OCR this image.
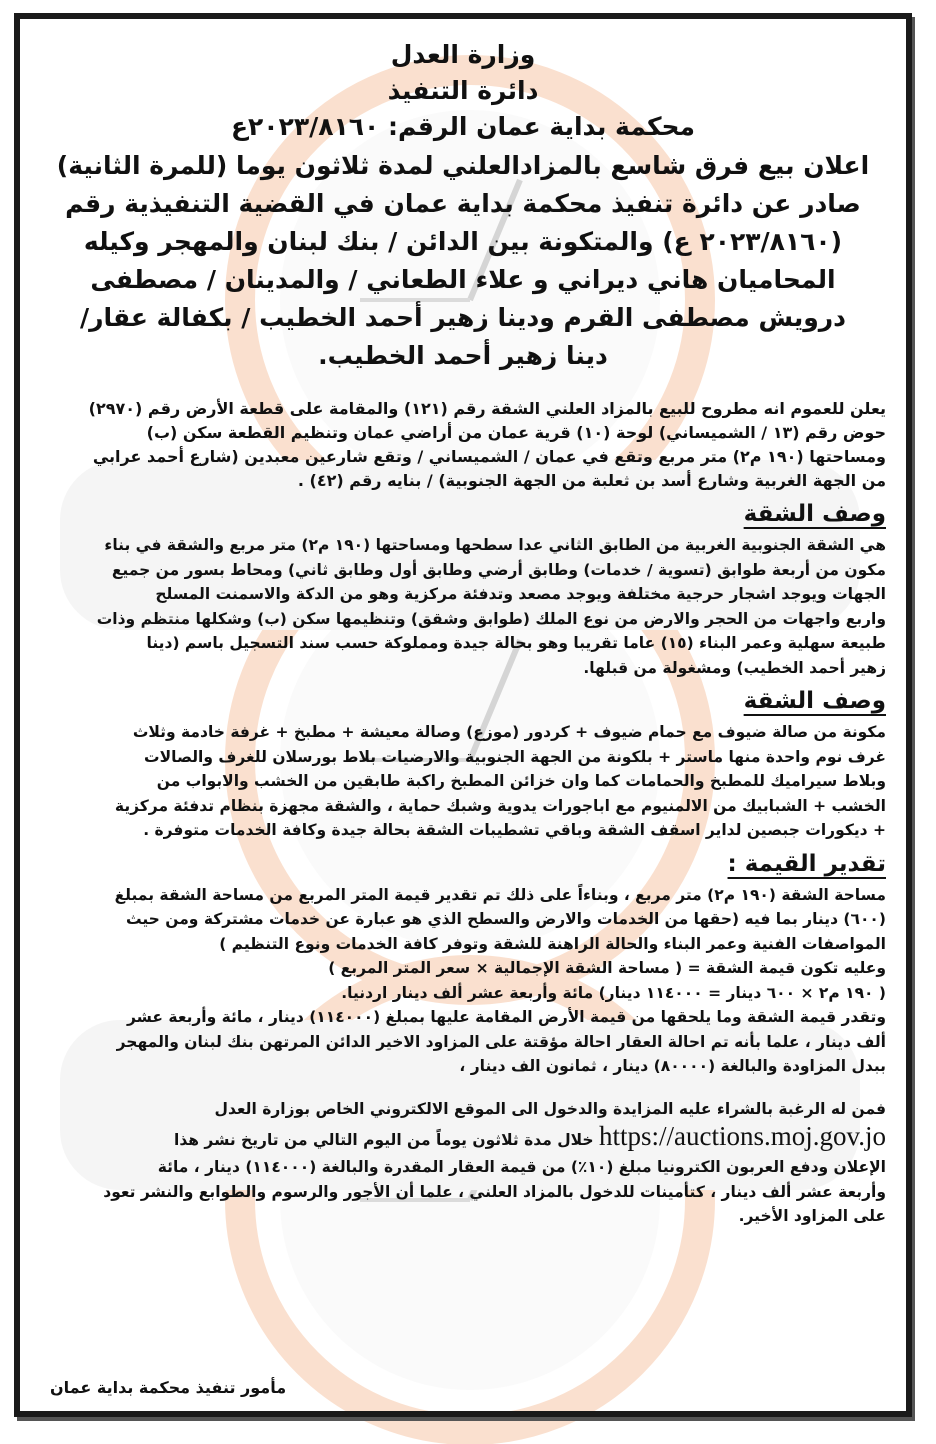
وزارة العدل
دائرة التنفيذ
محكمة بداية عمان الرقم: ٢٠٢٣/٨١٦٠ع
اعلان بيع فرق شاسع بالمزادالعلني لمدة ثلاثون يوما (للمرة الثانية)
صادر عن دائرة تنفيذ محكمة بداية عمان في القضية التنفيذية رقم
(٢٠٢٣/٨١٦٠ ع) والمتكونة بين الدائن / بنك لبنان والمهجر وكيله
المحاميان هاني ديراني و علاء الطعاني / والمدينان / مصطفى
درويش مصطفى القرم ودينا زهير أحمد الخطيب / بكفالة عقار/
دينا زهير أحمد الخطيب.
يعلن للعموم انه مطروح للبيع بالمزاد العلني الشقة رقم (١٢١) والمقامة على قطعة الأرض رقم (٢٩٧٠)
حوض رقم (١٣ / الشميساني) لوحة (١٠) قرية عمان من أراضي عمان وتنظيم القطعة سكن (ب)
ومساحتها (١٩٠ م٢) متر مربع وتقع في عمان / الشميساني / وتقع شارعين معبدين (شارع أحمد عرابي
من الجهة الغربية وشارع أسد بن ثعلبة من الجهة الجنوبية) / بنايه رقم (٤٢) .
وصف الشقة
هي الشقة الجنوبية الغربية من الطابق الثاني عدا سطحها ومساحتها (١٩٠ م٢) متر مربع والشقة في بناء
مكون من أربعة طوابق (تسوية / خدمات) وطابق أرضي وطابق أول وطابق ثاني) ومحاط بسور من جميع
الجهات ويوجد اشجار حرجية مختلفة ويوجد مصعد وتدفئة مركزية وهو من الدكة والاسمنت المسلح
واربع واجهات من الحجر والارض من نوع الملك (طوابق وشقق) وتنظيمها سكن (ب) وشكلها منتظم وذات
طبيعة سهلية وعمر البناء (١٥) عاما تقريبا وهو بحالة جيدة ومملوكة حسب سند التسجيل باسم (دينا
زهير أحمد الخطيب) ومشغولة من قبلها.
وصف الشقة
مكونة من صالة ضيوف مع حمام ضيوف + كردور (موزع) وصالة معيشة + مطبخ + غرفة خادمة وثلاث
غرف نوم واحدة منها ماستر + بلكونة من الجهة الجنوبية والارضيات بلاط بورسلان للغرف والصالات
وبلاط سيراميك للمطبخ والحمامات كما وان خزائن المطبخ راكبة طابقين من الخشب والابواب من
الخشب + الشبابيك من الالمنيوم مع اباجورات يدوية وشبك حماية ، والشقة مجهزة بنظام تدفئة مركزية
+ ديكورات جبصين لداير اسقف الشقة وباقي تشطيبات الشقة بحالة جيدة وكافة الخدمات متوفرة .
تقدير القيمة :
مساحة الشقة (١٩٠ م٢) متر مربع ، وبناءاً على ذلك تم تقدير قيمة المتر المربع من مساحة الشقة بمبلغ
(٦٠٠) دينار بما فيه (حقها من الخدمات والارض والسطح الذي هو عبارة عن خدمات مشتركة ومن حيث
المواصفات الفنية وعمر البناء والحالة الراهنة للشقة وتوفر كافة الخدمات ونوع التنظيم )
وعليه تكون قيمة الشقة = ( مساحة الشقة الإجمالية × سعر المتر المربع )
( ١٩٠ م٢ × ٦٠٠ دينار = ١١٤٠٠٠ دينار) مائة وأربعة عشر ألف دينار اردنيا.
وتقدر قيمة الشقة وما يلحقها من قيمة الأرض المقامة عليها بمبلغ (١١٤٠٠٠) دينار ، مائة وأربعة عشر
ألف دينار ، علما بأنه تم احالة العقار احالة مؤقتة على المزاود الاخير الدائن المرتهن بنك لبنان والمهجر
ببدل المزاودة والبالغة (٨٠٠٠٠) دينار ، ثمانون الف دينار ،
فمن له الرغبة بالشراء عليه المزايدة والدخول الى الموقع الالكتروني الخاص بوزارة العدل
https://auctions.moj.gov.jo خلال مدة ثلاثون يوماً من اليوم التالي من تاريخ نشر هذا
الإعلان ودفع العربون الكترونيا مبلغ (١٠٪) من قيمة العقار المقدرة والبالغة (١١٤٠٠٠) دينار ، مائة
وأربعة عشر ألف دينار ، كتأمينات للدخول بالمزاد العلني ، علما أن الأجور والرسوم والطوابع والنشر تعود
على المزاود الأخير.
مأمور تنفيذ محكمة بداية عمان
